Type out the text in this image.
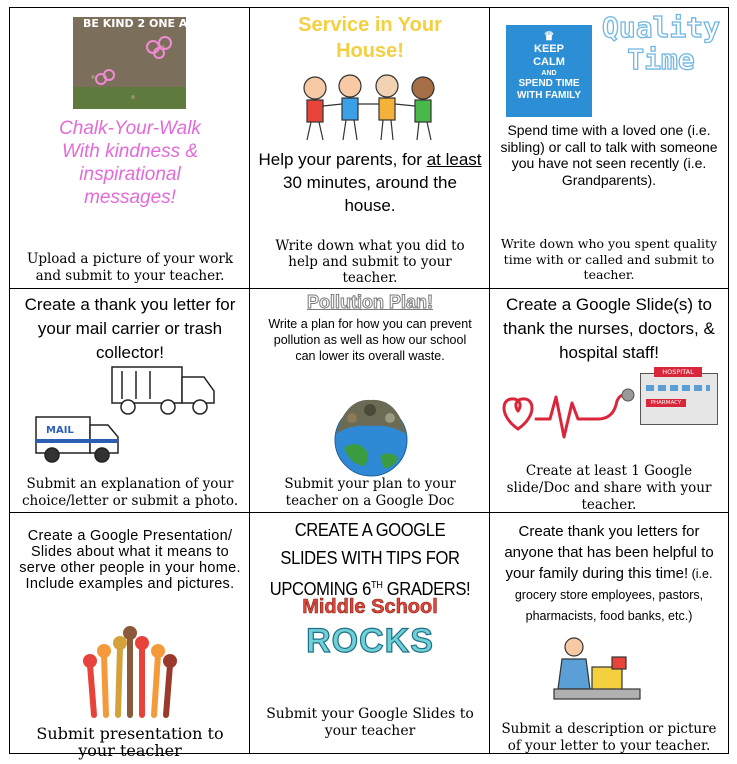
BE KIND 2 ONE ANOTHER
Chalk-Your-Walk With kindness & inspirational messages!
Upload a picture of your work and submit to your teacher.
Service in Your House!
Help your parents, for at least 30 minutes, around the house.
Write down what you did to help and submit to your teacher.
♛
KEEP
CALM
AND
SPEND TIME
WITH FAMILY
Quality Time
Spend time with a loved one (i.e. sibling) or call to talk with someone you have not seen recently (i.e. Grandparents).
Write down who you spent quality time with or called and submit to teacher.
Create a thank you letter for your mail carrier or trash collector!
MAIL
Submit an explanation of your choice/letter or submit a photo.
Pollution Plan!
Write a plan for how you can prevent pollution as well as how our school can lower its overall waste.
Submit your plan to your teacher on a Google Doc
Create a Google Slide(s) to thank the nurses, doctors, & hospital staff!
HOSPITAL
PHARMACY
Create at least 1 Google slide/Doc and share with your teacher.
Create a Google Presentation/ Slides about what it means to serve other people in your home. Include examples and pictures.
Submit presentation to your teacher
CREATE A GOOGLE SLIDES WITH TIPS FOR UPCOMING 6TH GRADERS!
Middle School
ROCKS
Submit your Google Slides to your teacher
Create thank you letters for anyone that has been helpful to your family during this time! (i.e. grocery store employees, pastors, pharmacists, food banks, etc.)
Submit a description or picture of your letter to your teacher.
